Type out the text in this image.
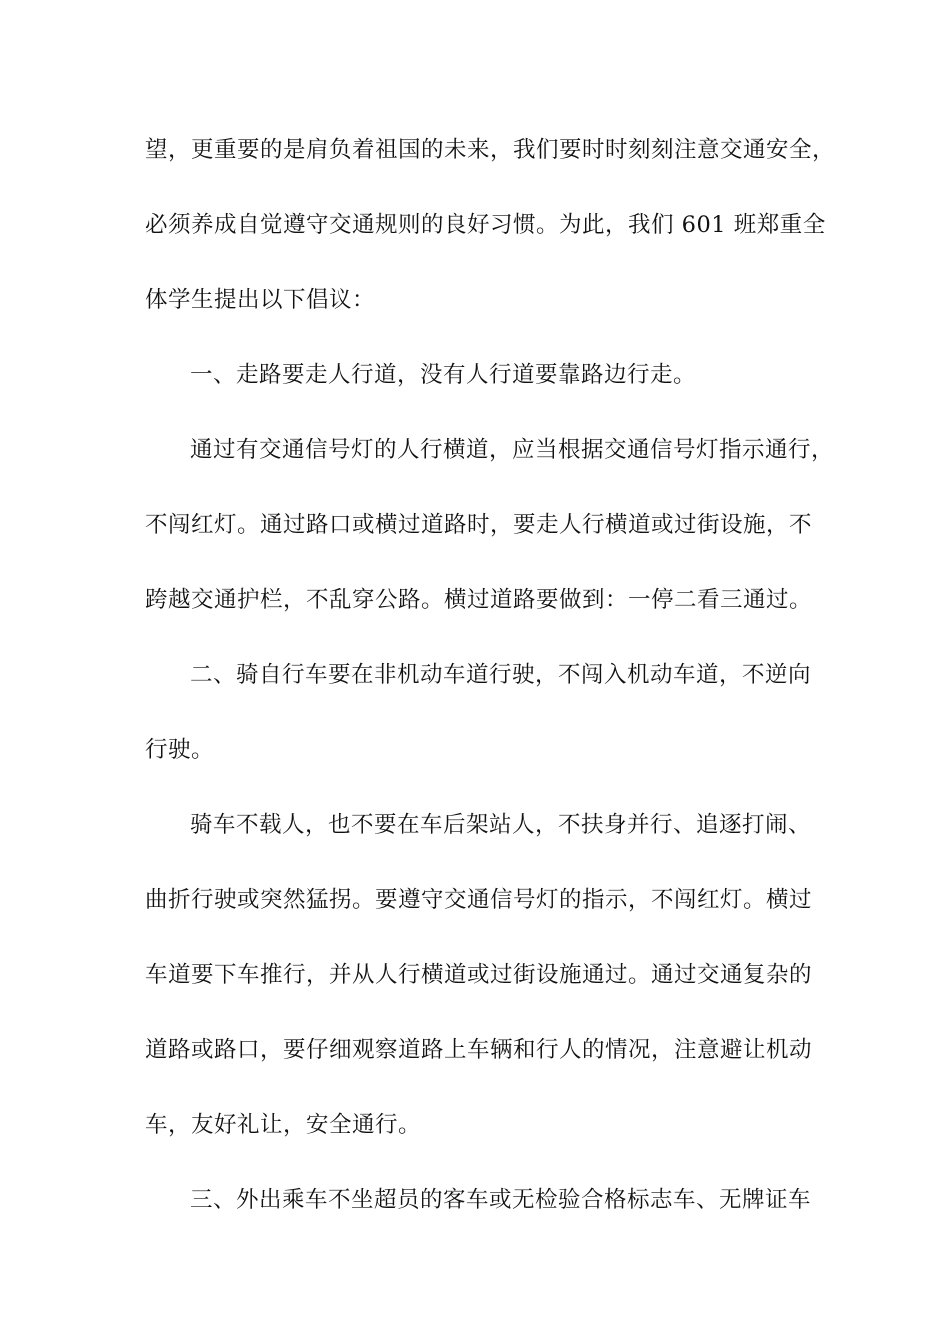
望，更重要的是肩负着祖国的未来，我们要时时刻刻注意交通安全，
必须养成自觉遵守交通规则的良好习惯。为此，我们 601 班郑重全
体学生提出以下倡议：
一、走路要走人行道，没有人行道要靠路边行走。
通过有交通信号灯的人行横道，应当根据交通信号灯指示通行，
不闯红灯。通过路口或横过道路时，要走人行横道或过街设施，不
跨越交通护栏，不乱穿公路。横过道路要做到：一停二看三通过。
二、骑自行车要在非机动车道行驶，不闯入机动车道，不逆向
行驶。
骑车不载人，也不要在车后架站人，不扶身并行、追逐打闹、
曲折行驶或突然猛拐。要遵守交通信号灯的指示，不闯红灯。横过
车道要下车推行，并从人行横道或过街设施通过。通过交通复杂的
道路或路口，要仔细观察道路上车辆和行人的情况，注意避让机动
车，友好礼让，安全通行。
三、外出乘车不坐超员的客车或无检验合格标志车、无牌证车
